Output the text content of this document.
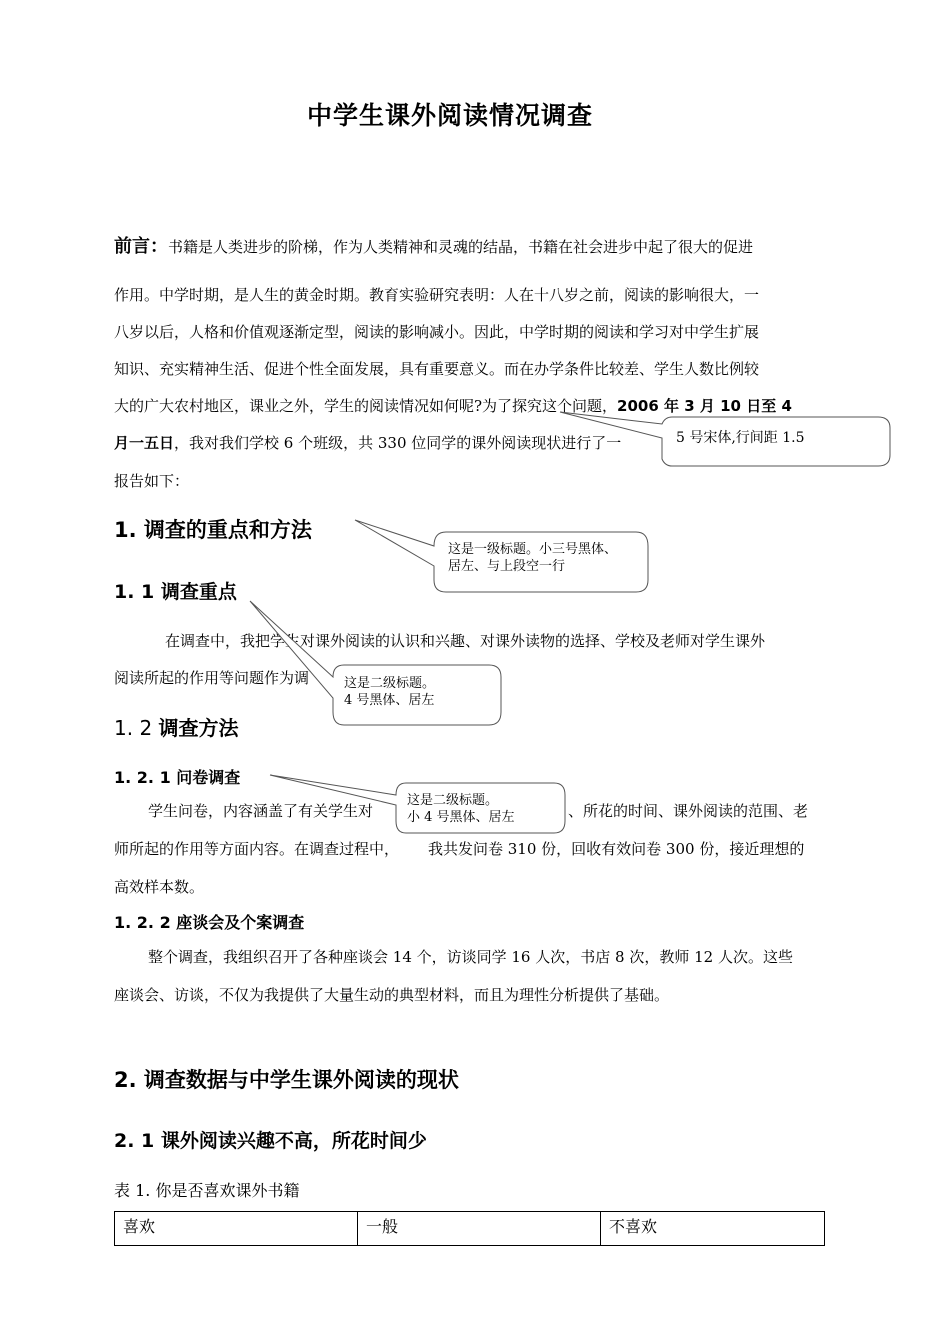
中学生课外阅读情况调查
前言：书籍是人类进步的阶梯，作为人类精神和灵魂的结晶，书籍在社会进步中起了很大的促进
作用。中学时期，是人生的黄金时期。教育实验研究表明：人在十八岁之前，阅读的影响很大，一
八岁以后，人格和价值观逐渐定型，阅读的影响减小。因此，中学时期的阅读和学习对中学生扩展
知识、充实精神生活、促进个性全面发展，具有重要意义。而在办学条件比较差、学生人数比例较
大的广大农村地区，课业之外，学生的阅读情况如何呢?为了探究这个问题，2006 年 3 月 10 日至 4
月一五日，我对我们学校 6 个班级，共 330 位同学的课外阅读现状进行了一
报告如下：
1. 调查的重点和方法
1. 1 调查重点
在调查中，我把学生对课外阅读的认识和兴趣、对课外读物的选择、学校及老师对学生课外
阅读所起的作用等问题作为调
1. 2 调查方法
1. 2. 1 问卷调查
学生问卷，内容涵盖了有关学生对	、所花的时间、课外阅读的范围、老
师所起的作用等方面内容。在调查过程中， 我共发问卷 310 份，回收有效问卷 300 份，接近理想的
高效样本数。
1. 2. 2 座谈会及个案调查
整个调查，我组织召开了各种座谈会 14 个，访谈同学 16 人次，书店 8 次，教师 12 人次。这些
座谈会、访谈，不仅为我提供了大量生动的典型材料，而且为理性分析提供了基础。
2. 调查数据与中学生课外阅读的现状
2. 1 课外阅读兴趣不高，所花时间少
表 1. 你是否喜欢课外书籍
喜欢	一般	不喜欢
5 号宋体,行间距 1.5
这是一级标题。小三号黑体、
居左、与上段空一行
这是二级标题。
4 号黑体、居左
这是二级标题。
小 4 号黑体、居左
